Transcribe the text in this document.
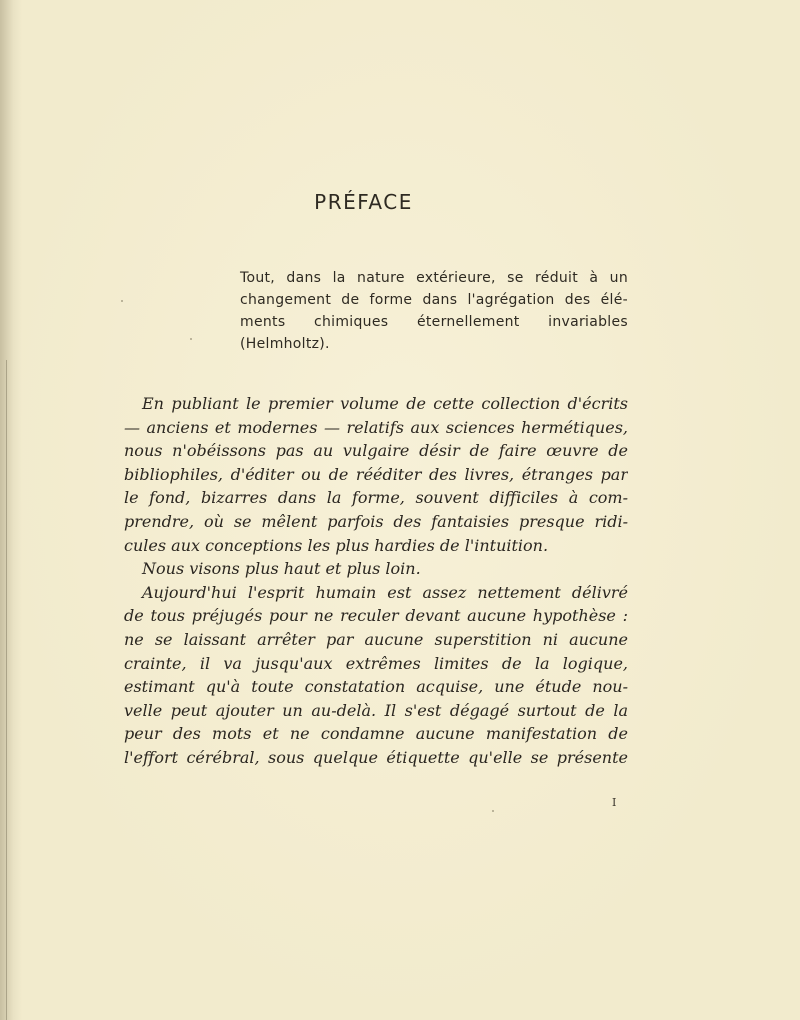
PRÉFACE
Tout, dans la nature extérieure, se réduit à un
changement de forme dans l'agrégation des élé-
ments chimiques éternellement invariables
(Helmholtz).
En publiant le premier volume de cette collection d'écrits
— anciens et modernes — relatifs aux sciences hermétiques,
nous n'obéissons pas au vulgaire désir de faire œuvre de
bibliophiles, d'éditer ou de rééditer des livres, étranges par
le fond, bizarres dans la forme, souvent difficiles à com-
prendre, où se mêlent parfois des fantaisies presque ridi-
cules aux conceptions les plus hardies de l'intuition.
Nous visons plus haut et plus loin.
Aujourd'hui l'esprit humain est assez nettement délivré
de tous préjugés pour ne reculer devant aucune hypothèse :
ne se laissant arrêter par aucune superstition ni aucune
crainte, il va jusqu'aux extrêmes limites de la logique,
estimant qu'à toute constatation acquise, une étude nou-
velle peut ajouter un au-delà. Il s'est dégagé surtout de la
peur des mots et ne condamne aucune manifestation de
l'effort cérébral, sous quelque étiquette qu'elle se présente
I
